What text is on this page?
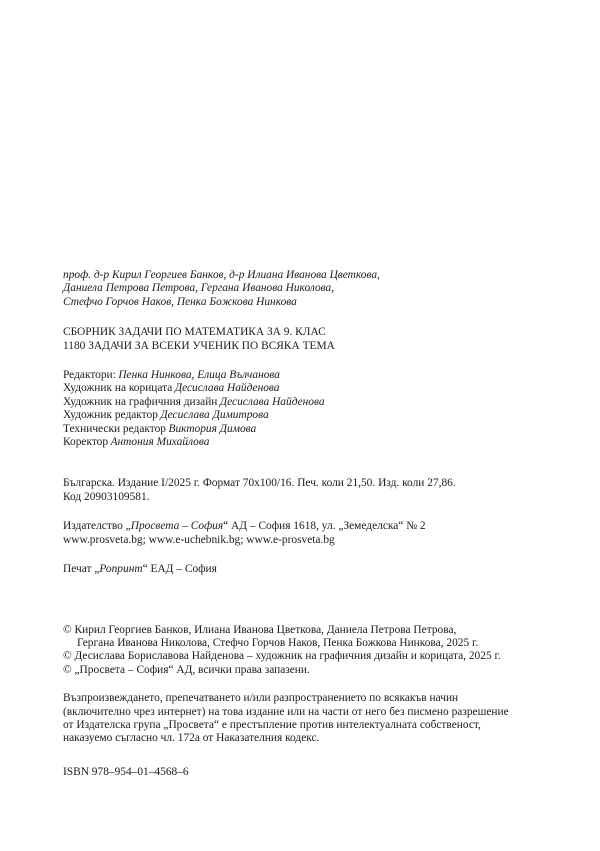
проф. д-р Кирил Георгиев Банков, д-р Илиана Иванова Цветкова,
Даниела Петрова Петрова, Гергана Иванова Николова,
Стефчо Горчов Наков, Пенка Божкова Нинкова
СБОРНИК ЗАДАЧИ ПО МАТЕМАТИКА ЗА 9. КЛАС
1180 ЗАДАЧИ ЗА ВСЕКИ УЧЕНИК ПО ВСЯКА ТЕМА
Редактори: Пенка Нинкова, Елица Вълчанова
Художник на корицата Десислава Найденова
Художник на графичния дизайн Десислава Найденова
Художник редактор Десислава Димитрова
Технически редактор Виктория Димова
Коректор Антония Михайлова
Българска. Издание I/2025 г. Формат 70x100/16. Печ. коли 21,50. Изд. коли 27,86.
Код 20903109581.
Издателство „Просвета – София“ АД – София 1618, ул. „Земеделска“ № 2
www.prosveta.bg; www.e-uchebnik.bg; www.e-prosveta.bg
Печат „Ропринт“ ЕАД – София
© Кирил Георгиев Банков, Илиана Иванова Цветкова, Даниела Петрова Петрова,
Гергана Иванова Николова, Стефчо Горчов Наков, Пенка Божкова Нинкова, 2025 г.
© Десислава Бориславова Найденова – художник на графичния дизайн и корицата, 2025 г.
© „Просвета – София“ АД, всички права запазени.
Възпроизвеждането, препечатването и/или разпространението по всякакъв начин
(включително чрез интернет) на това издание или на части от него без писмено разрешение
от Издателска група „Просвета“ е престъпление против интелектуалната собственост,
наказуемо съгласно чл. 172а от Наказателния кодекс.
ISBN 978–954–01–4568–6
